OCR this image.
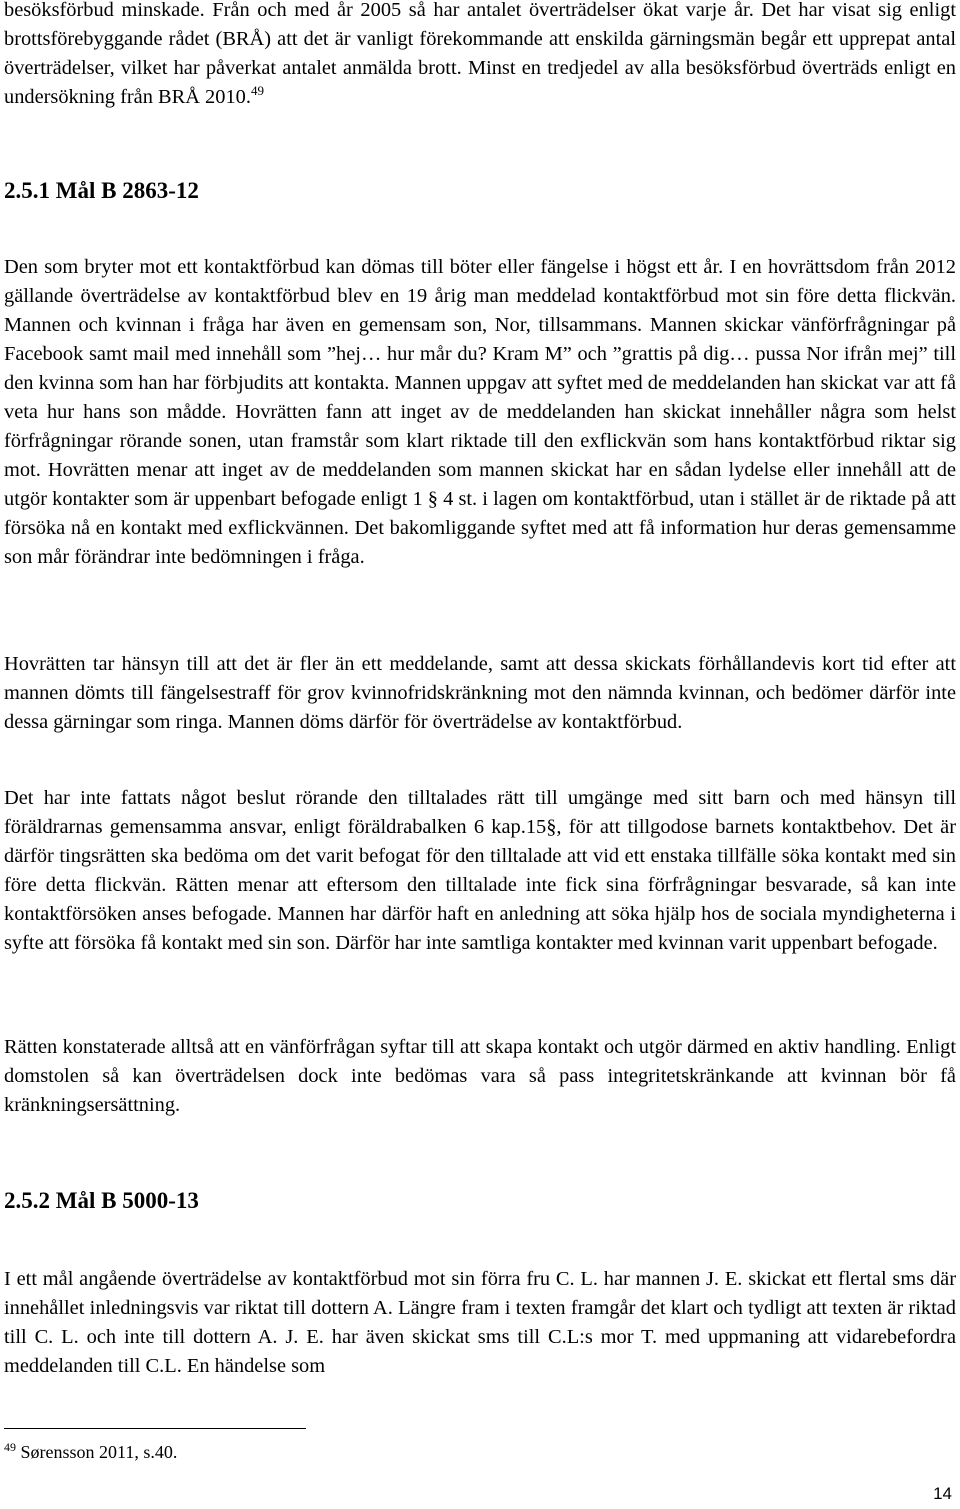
besöksförbud minskade. Från och med år 2005 så har antalet överträdelser ökat varje år. Det har visat sig enligt brottsförebyggande rådet (BRÅ) att det är vanligt förekommande att enskilda gärningsmän begår ett upprepat antal överträdelser, vilket har påverkat antalet anmälda brott. Minst en tredjedel av alla besöksförbud överträds enligt en undersökning från BRÅ 2010.49

2.5.1 Mål B 2863-12

Den som bryter mot ett kontaktförbud kan dömas till böter eller fängelse i högst ett år. I en hovrättsdom från 2012 gällande överträdelse av kontaktförbud blev en 19 årig man meddelad kontaktförbud mot sin före detta flickvän. Mannen och kvinnan i fråga har även en gemensam son, Nor, tillsammans. Mannen skickar vänförfrågningar på Facebook samt mail med innehåll som ”hej… hur mår du? Kram M” och ”grattis på dig… pussa Nor ifrån mej” till den kvinna som han har förbjudits att kontakta. Mannen uppgav att syftet med de meddelanden han skickat var att få veta hur hans son mådde. Hovrätten fann att inget av de meddelanden han skickat innehåller några som helst förfrågningar rörande sonen, utan framstår som klart riktade till den exflickvän som hans kontaktförbud riktar sig mot. Hovrätten menar att inget av de meddelanden som mannen skickat har en sådan lydelse eller innehåll att de utgör kontakter som är uppenbart befogade enligt 1 § 4 st. i lagen om kontaktförbud, utan i stället är de riktade på att försöka nå en kontakt med exflickvännen. Det bakomliggande syftet med att få information hur deras gemensamme son mår förändrar inte bedömningen i fråga.

Hovrätten tar hänsyn till att det är fler än ett meddelande, samt att dessa skickats förhållandevis kort tid efter att mannen dömts till fängelsestraff för grov kvinnofridskränkning mot den nämnda kvinnan, och bedömer därför inte dessa gärningar som ringa. Mannen döms därför för överträdelse av kontaktförbud.

Det har inte fattats något beslut rörande den tilltalades rätt till umgänge med sitt barn och med hänsyn till föräldrarnas gemensamma ansvar, enligt föräldrabalken 6 kap.15§, för att tillgodose barnets kontaktbehov. Det är därför tingsrätten ska bedöma om det varit befogat för den tilltalade att vid ett enstaka tillfälle söka kontakt med sin före detta flickvän. Rätten menar att eftersom den tilltalade inte fick sina förfrågningar besvarade, så kan inte kontaktförsöken anses befogade. Mannen har därför haft en anledning att söka hjälp hos de sociala myndigheterna i syfte att försöka få kontakt med sin son. Därför har inte samtliga kontakter med kvinnan varit uppenbart befogade.

Rätten konstaterade alltså att en vänförfrågan syftar till att skapa kontakt och utgör därmed en aktiv handling. Enligt domstolen så kan överträdelsen dock inte bedömas vara så pass integritetskränkande att kvinnan bör få kränkningsersättning.

2.5.2 Mål B 5000-13

I ett mål angående överträdelse av kontaktförbud mot sin förra fru C. L. har mannen J. E. skickat ett flertal sms där innehållet inledningsvis var riktat till dottern A. Längre fram i texten framgår det klart och tydligt att texten är riktad till C. L. och inte till dottern A. J. E. har även skickat sms till C.L:s mor T. med uppmaning att vidarebefordra meddelanden till C.L. En händelse som

$^{49}$ Sørensson 2011, s.40.

14
